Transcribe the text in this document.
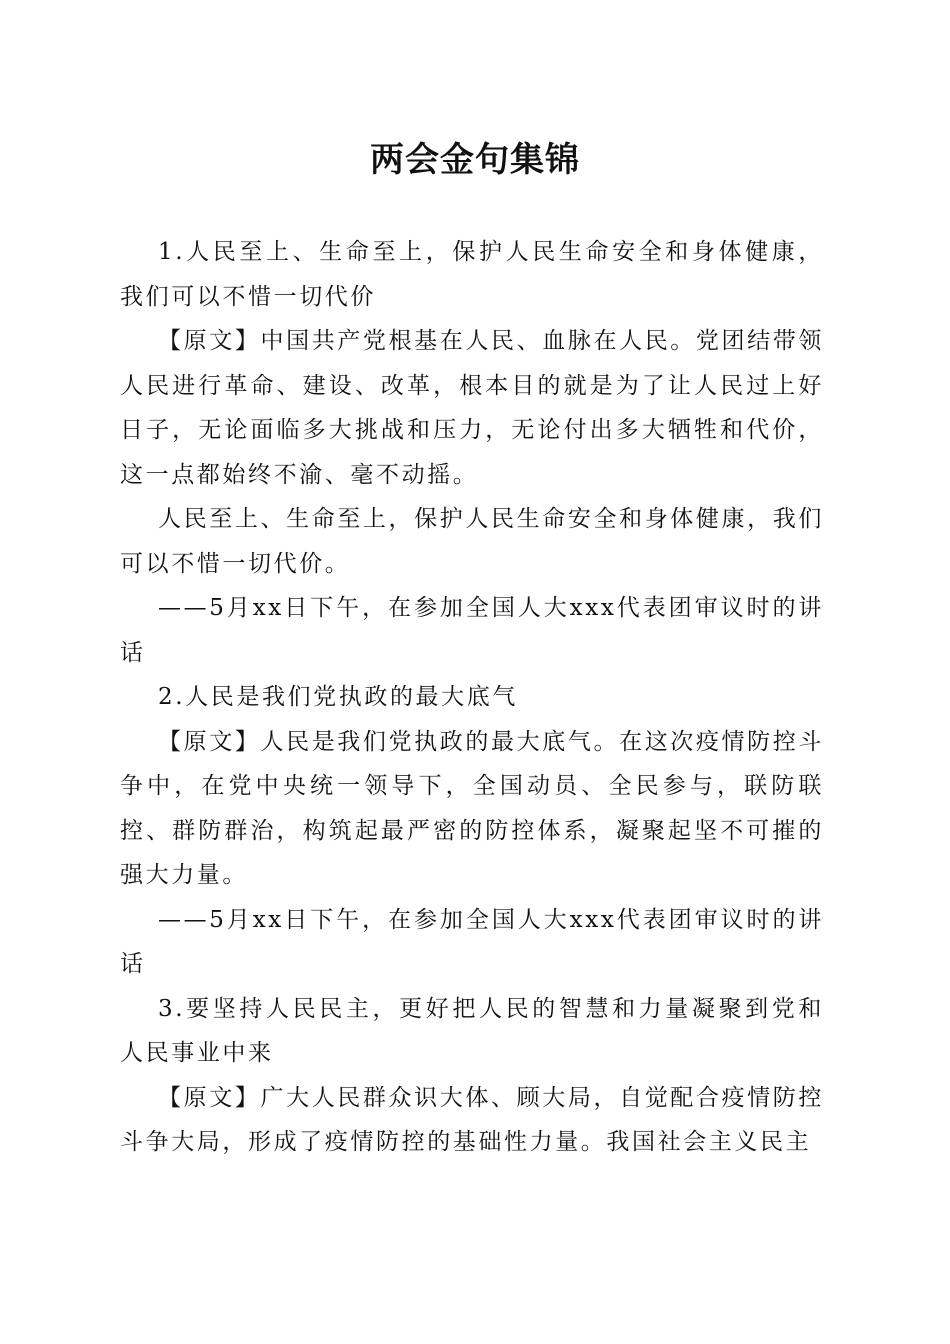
两会金句集锦

1.人民至上、生命至上，保护人民生命安全和身体健康，我们可以不惜一切代价

【原文】中国共产党根基在人民、血脉在人民。党团结带领人民进行革命、建设、改革，根本目的就是为了让人民过上好日子，无论面临多大挑战和压力，无论付出多大牺牲和代价，这一点都始终不渝、毫不动摇。

人民至上、生命至上，保护人民生命安全和身体健康，我们可以不惜一切代价。

——5月xx日下午，在参加全国人大xxx代表团审议时的讲话

2.人民是我们党执政的最大底气

【原文】人民是我们党执政的最大底气。在这次疫情防控斗争中，在党中央统一领导下，全国动员、全民参与，联防联控、群防群治，构筑起最严密的防控体系，凝聚起坚不可摧的强大力量。

——5月xx日下午，在参加全国人大xxx代表团审议时的讲话

3.要坚持人民民主，更好把人民的智慧和力量凝聚到党和人民事业中来

【原文】广大人民群众识大体、顾大局，自觉配合疫情防控斗争大局，形成了疫情防控的基础性力量。我国社会主义民主
